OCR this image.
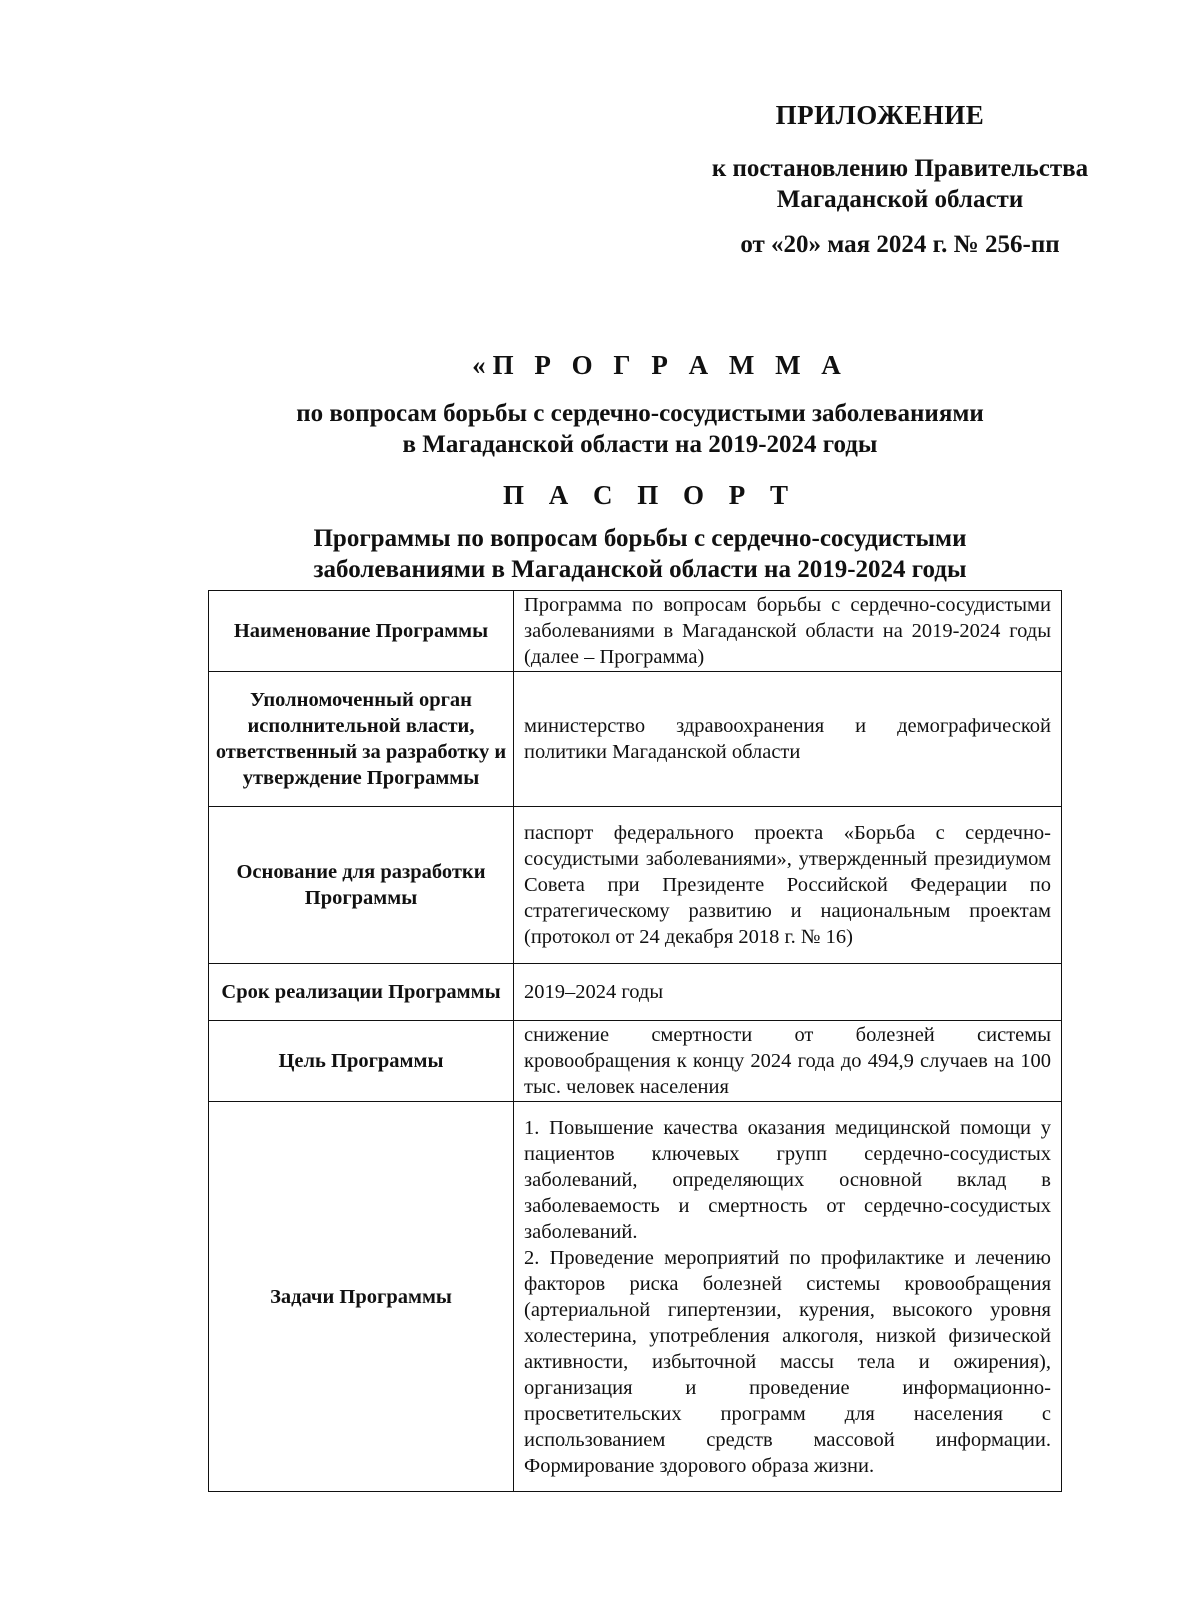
ПРИЛОЖЕНИЕ
к постановлению Правительства
Магаданской области
от «20» мая 2024 г. № 256-пп
«П Р О Г Р А М М А
по вопросам борьбы с сердечно-сосудистыми заболеваниями
в Магаданской области на 2019-2024 годы
П А С П О Р Т
Программы по вопросам борьбы с сердечно-сосудистыми
заболеваниями в Магаданской области на 2019-2024 годы
Наименование Программы	Программа по вопросам борьбы с сердечно-сосудистыми заболеваниями в Магаданской области на 2019-2024 годы (далее – Программа)
Уполномоченный орган исполнительной власти, ответственный за разработку и утверждение Программы	министерство здравоохранения и демографической политики Магаданской области
Основание для разработки Программы	паспорт федерального проекта «Борьба с сердечно-сосудистыми заболеваниями», утвержденный президиумом Совета при Президенте Российской Федерации по стратегическому развитию и национальным проектам (протокол от 24 декабря 2018 г. № 16)
Срок реализации Программы	2019–2024 годы
Цель Программы	снижение смертности от болезней системы кровообращения к концу 2024 года до 494,9 случаев на 100 тыс. человек населения
Задачи Программы	1. Повышение качества оказания медицинской помощи у пациентов ключевых групп сердечно-сосудистых заболеваний, определяющих основной вклад в заболеваемость и смертность от сердечно-сосудистых заболеваний.
2. Проведение мероприятий по профилактике и лечению факторов риска болезней системы кровообращения (артериальной гипертензии, курения, высокого уровня холестерина, употребления алкоголя, низкой физической активности, избыточной массы тела и ожирения), организация и проведение информационно-просветительских программ для населения с использованием средств массовой информации. Формирование здорового образа жизни.
